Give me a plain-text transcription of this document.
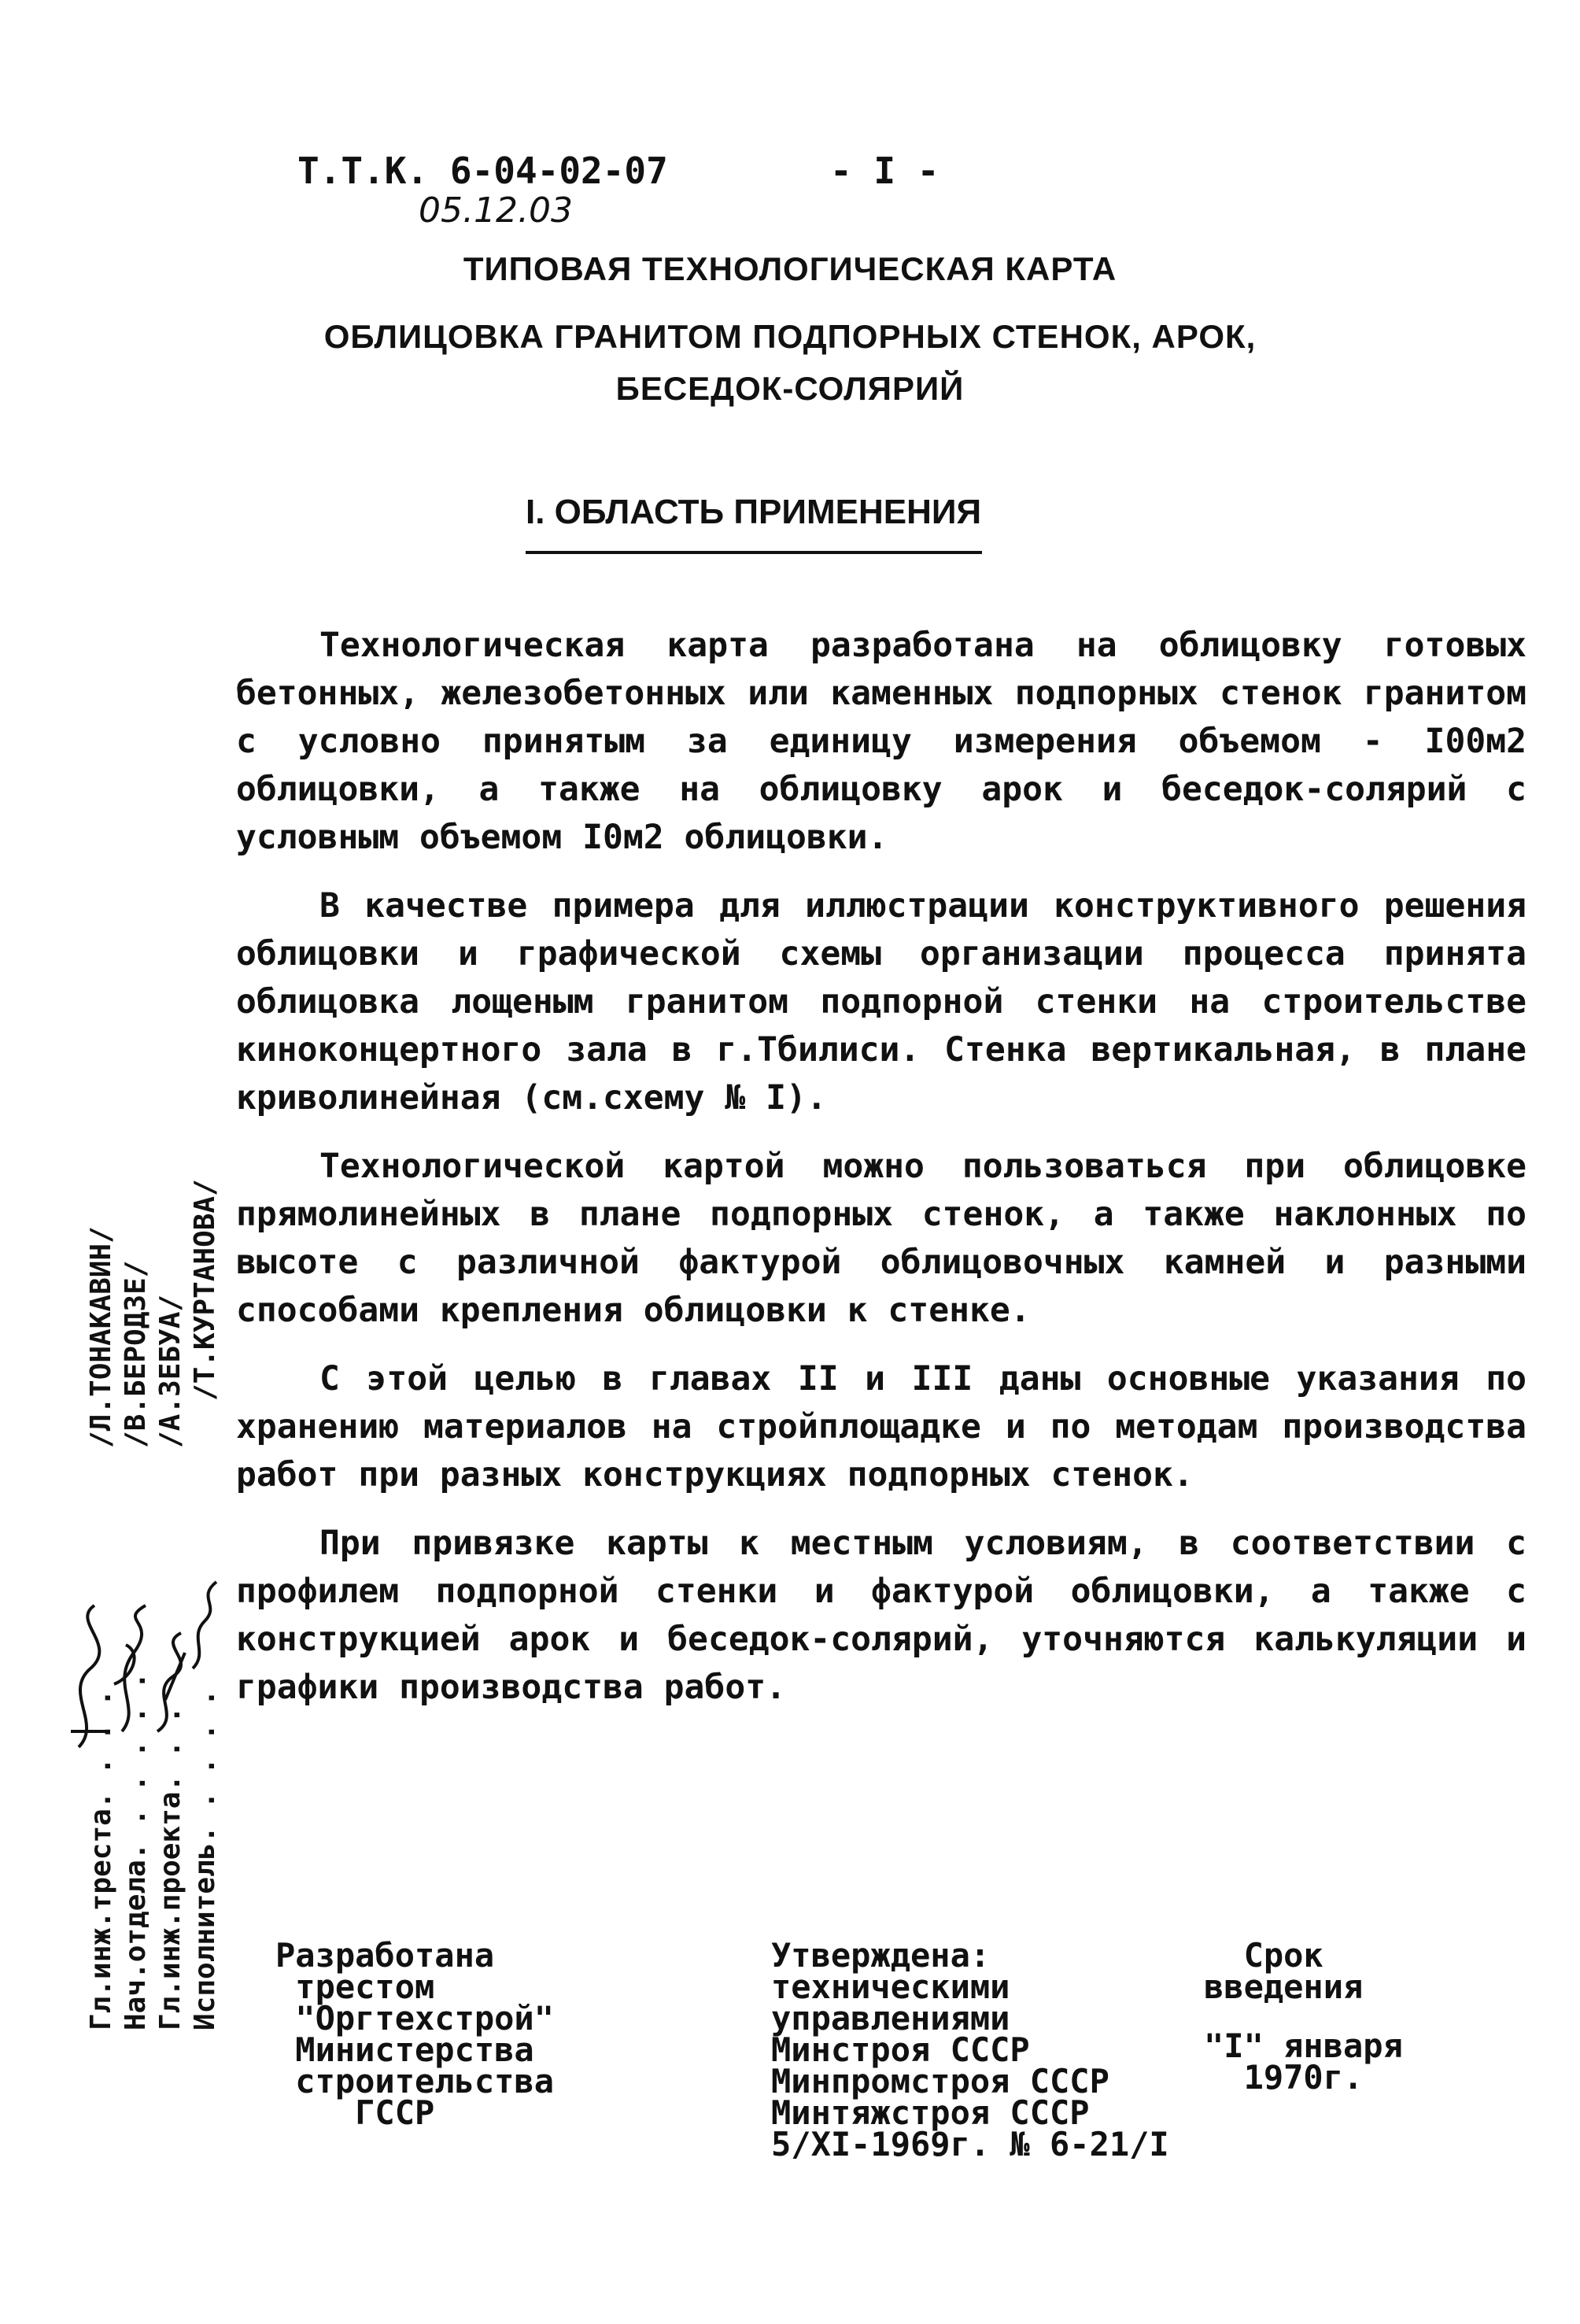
Т.Т.К. 6-04-02-07
05.12.03
- I -
ТИПОВАЯ ТЕХНОЛОГИЧЕСКАЯ КАРТА
ОБЛИЦОВКА ГРАНИТОМ ПОДПОРНЫХ СТЕНОК, АРОК,
БЕСЕДОК-СОЛЯРИЙ
I. ОБЛАСТЬ ПРИМЕНЕНИЯ

Технологическая карта разработана на облицовку готовых бетонных, железобетонных или каменных подпорных стенок гранитом с условно принятым за единицу измерения объемом - I00м2 облицовки, а также на облицовку арок и беседок-солярий с условным объемом I0м2 облицовки.

В качестве примера для иллюстрации конструктивного решения облицовки и графической схемы организации процесса принята облицовка лощеным гранитом подпорной стенки на строительстве киноконцертного зала в г.Тбилиси. Стенка вертикальная, в плане криволинейная (см.схему № I).

Технологической картой можно пользоваться при облицовке прямолинейных в плане подпорных стенок, а также наклонных по высоте с различной фактурой облицовочных камней и разными способами крепления облицовки к стенке.

С этой целью в главах II и III даны основные указания по хранению материалов на стройплощадке и по методам производства работ при разных конструкциях подпорных стенок.

При привязке карты к местным условиям, в соответствии с профилем подпорной стенки и фактурой облицовки, а также с конструкцией арок и беседок-солярий, уточняются калькуляции и графики производства работ.

Гл.инж.треста. . . . Нач.отдела. . . . . . Гл.инж.проекта. . . Исполнитель. . . . .
/Л.ТОНАКАВИН/ /В.БЕРОДЗЕ/ /А.ЗЕБУА/ /Т.КУРТАНОВА/
Разработана
трестом
"Оргтехстрой"
Министерства
строительства
ГССР
Утверждена:
техническими
управлениями
Минстроя СССР
Минпромстроя СССР
Минтяжстроя СССР
5/XI-1969г. № 6-21/I
Срок
введения
"I" января
1970г.
